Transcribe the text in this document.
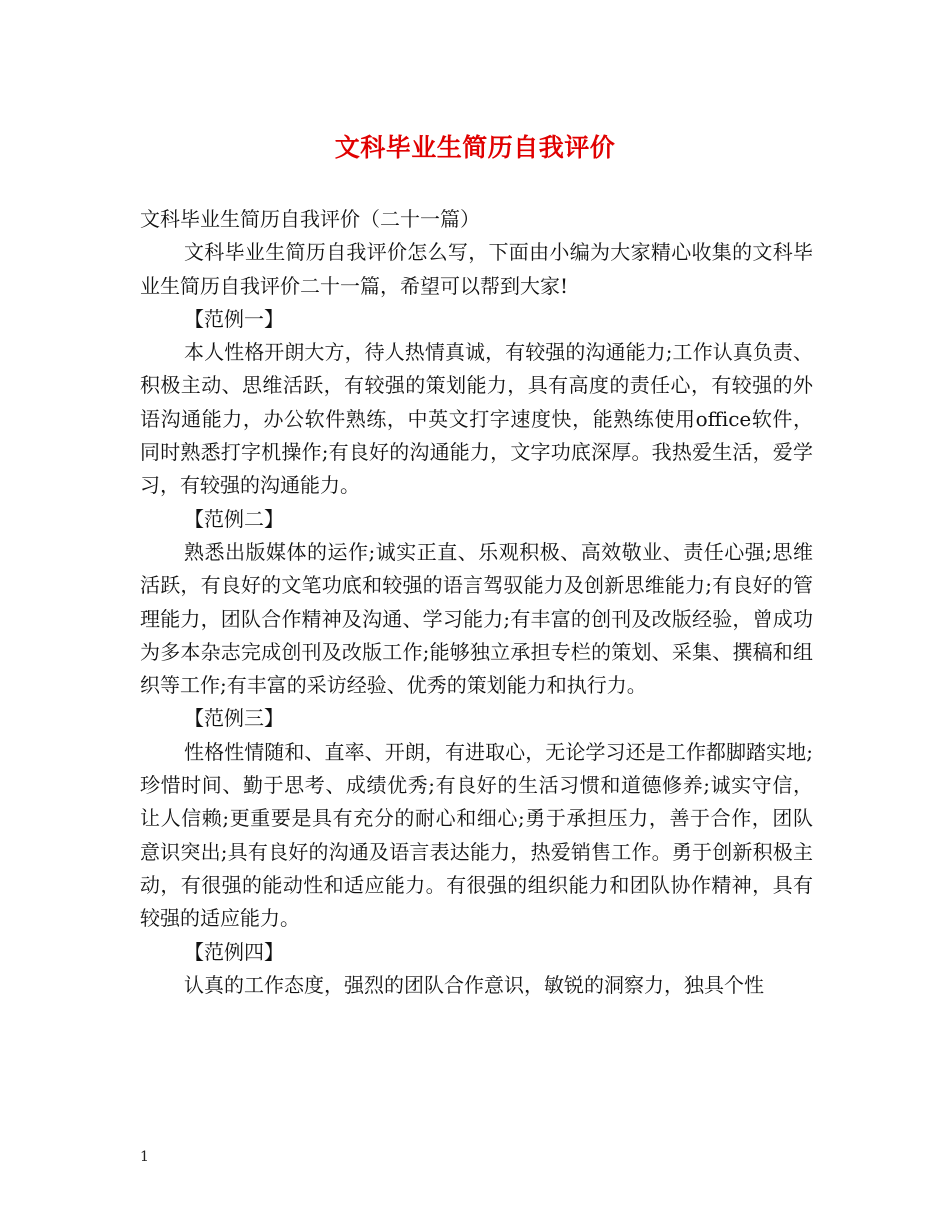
文科毕业生简历自我评价

文科毕业生简历自我评价（二十一篇）

文科毕业生简历自我评价怎么写，下面由小编为大家精心收集的文科毕业生简历自我评价二十一篇，希望可以帮到大家!

【范例一】

本人性格开朗大方，待人热情真诚，有较强的沟通能力;工作认真负责、积极主动、思维活跃，有较强的策划能力，具有高度的责任心，有较强的外语沟通能力，办公软件熟练，中英文打字速度快，能熟练使用office软件，同时熟悉打字机操作;有良好的沟通能力，文字功底深厚。我热爱生活，爱学习，有较强的沟通能力。

【范例二】

熟悉出版媒体的运作;诚实正直、乐观积极、高效敬业、责任心强;思维活跃，有良好的文笔功底和较强的语言驾驭能力及创新思维能力;有良好的管理能力，团队合作精神及沟通、学习能力;有丰富的创刊及改版经验，曾成功为多本杂志完成创刊及改版工作;能够独立承担专栏的策划、采集、撰稿和组织等工作;有丰富的采访经验、优秀的策划能力和执行力。

【范例三】

性格性情随和、直率、开朗，有进取心，无论学习还是工作都脚踏实地;珍惜时间、勤于思考、成绩优秀;有良好的生活习惯和道德修养;诚实守信，让人信赖;更重要是具有充分的耐心和细心;勇于承担压力，善于合作，团队意识突出;具有良好的沟通及语言表达能力，热爱销售工作。勇于创新积极主动，有很强的能动性和适应能力。有很强的组织能力和团队协作精神，具有较强的适应能力。

【范例四】

认真的工作态度，强烈的团队合作意识，敏锐的洞察力，独具个性

1
